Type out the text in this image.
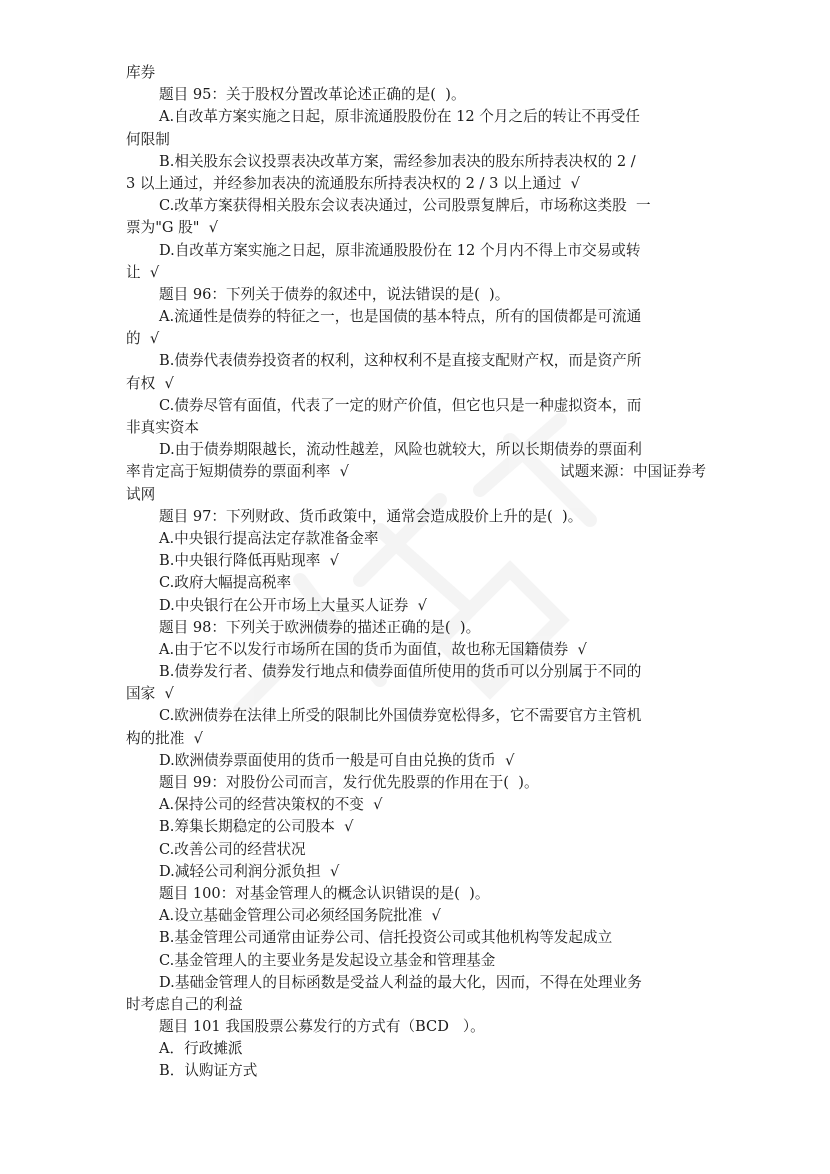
库券
题目 95：关于股权分置改革论述正确的是(  )。
A.自改革方案实施之日起，原非流通股股份在 12 个月之后的转让不再受任
何限制
B.相关股东会议投票表决改革方案，需经参加表决的股东所持表决权的 2 /
3 以上通过，并经参加表决的流通股东所持表决权的 2 / 3 以上通过  √
C.改革方案获得相关股东会议表决通过，公司股票复牌后，市场称这类股  一
票为"G 股"  √
D.自改革方案实施之日起，原非流通股股份在 12 个月内不得上市交易或转
让  √
题目 96：下列关于债券的叙述中，说法错误的是(  )。
A.流通性是债券的特征之一，也是国债的基本特点，所有的国债都是可流通
的  √
B.债券代表债券投资者的权利，这种权利不是直接支配财产权，而是资产所
有权  √
C.债券尽管有面值，代表了一定的财产价值，但它也只是一种虚拟资本，而
非真实资本
D.由于债券期限越长，流动性越差，风险也就较大，所以长期债券的票面利
率肯定高于短期债券的票面利率  √	试题来源：中国证券考
试网
题目 97：下列财政、货币政策中，通常会造成股价上升的是(  )。
A.中央银行提高法定存款准备金率
B.中央银行降低再贴现率  √
C.政府大幅提高税率
D.中央银行在公开市场上大量买人证券  √
题目 98：下列关于欧洲债券的描述正确的是(  )。
A.由于它不以发行市场所在国的货币为面值，故也称无国籍债券  √
B.债券发行者、债券发行地点和债券面值所使用的货币可以分别属于不同的
国家  √
C.欧洲债券在法律上所受的限制比外国债券宽松得多，它不需要官方主管机
构的批准  √
D.欧洲债券票面使用的货币一般是可自由兑换的货币  √
题目 99：对股份公司而言，发行优先股票的作用在于(  )。
A.保持公司的经营决策权的不变  √
B.筹集长期稳定的公司股本  √
C.改善公司的经营状况
D.减轻公司利润分派负担  √
题目 100：对基金管理人的概念认识错误的是(  )。
A.设立基础金管理公司必须经国务院批准  √
B.基金管理公司通常由证券公司、信托投资公司或其他机构等发起成立
C.基金管理人的主要业务是发起设立基金和管理基金
D.基础金管理人的目标函数是受益人利益的最大化，因而，不得在处理业务
时考虑自己的利益
题目 101 我国股票公募发行的方式有（BCD   ）。
A．行政摊派
B．认购证方式
